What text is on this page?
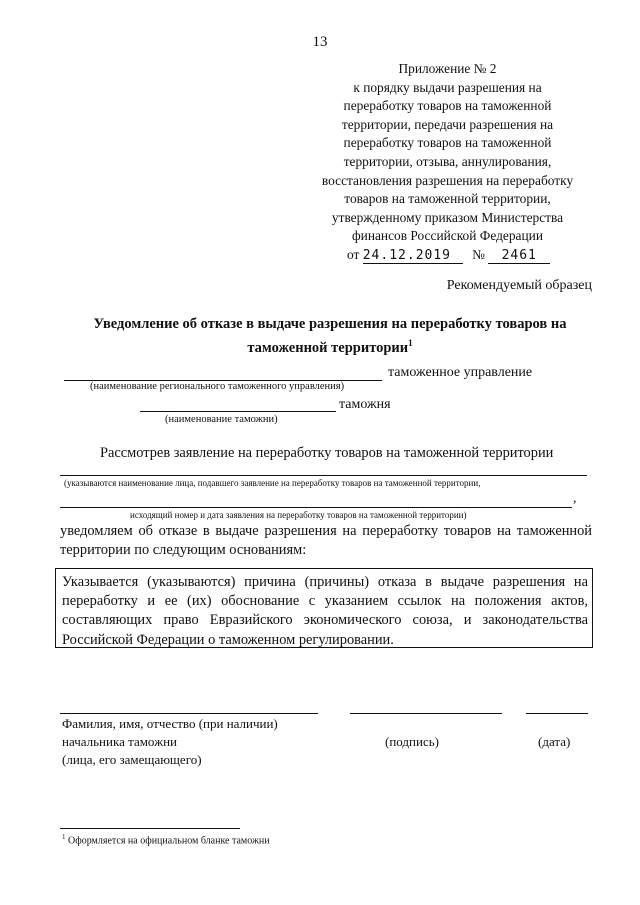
13
Приложение № 2
к порядку выдачи разрешения на
переработку товаров на таможенной
территории, передачи разрешения на
переработку товаров на таможенной
территории, отзыва, аннулирования,
восстановления разрешения на переработку
товаров на таможенной территории,
утвержденному приказом Министерства
финансов Российской Федерации
от 24.12.2019 № 2461
Рекомендуемый образец
Уведомление об отказе в выдаче разрешения на переработку товаров на
таможенной территории$^1$
таможенное управление
(наименование регионального таможенного управления)
таможня
(наименование таможни)
Рассмотрев заявление на переработку товаров на таможенной территории
(указываются наименование лица, подавшего заявление на переработку товаров на таможенной территории,
,
исходящий номер и дата заявления на переработку товаров на таможенной территории)
уведомляем об отказе в выдаче разрешения на переработку товаров на таможенной территории по следующим основаниям:
Указывается (указываются) причина (причины) отказа в выдаче разрешения на переработку и ее (их) обоснование с указанием ссылок на положения актов, составляющих право Евразийского экономического союза, и законодательства Российской Федерации о таможенном регулировании.
Фамилия, имя, отчество (при наличии)
начальника таможни
(лица, его замещающего)
(подпись)	(дата)
$^1$ Оформляется на официальном бланке таможни
